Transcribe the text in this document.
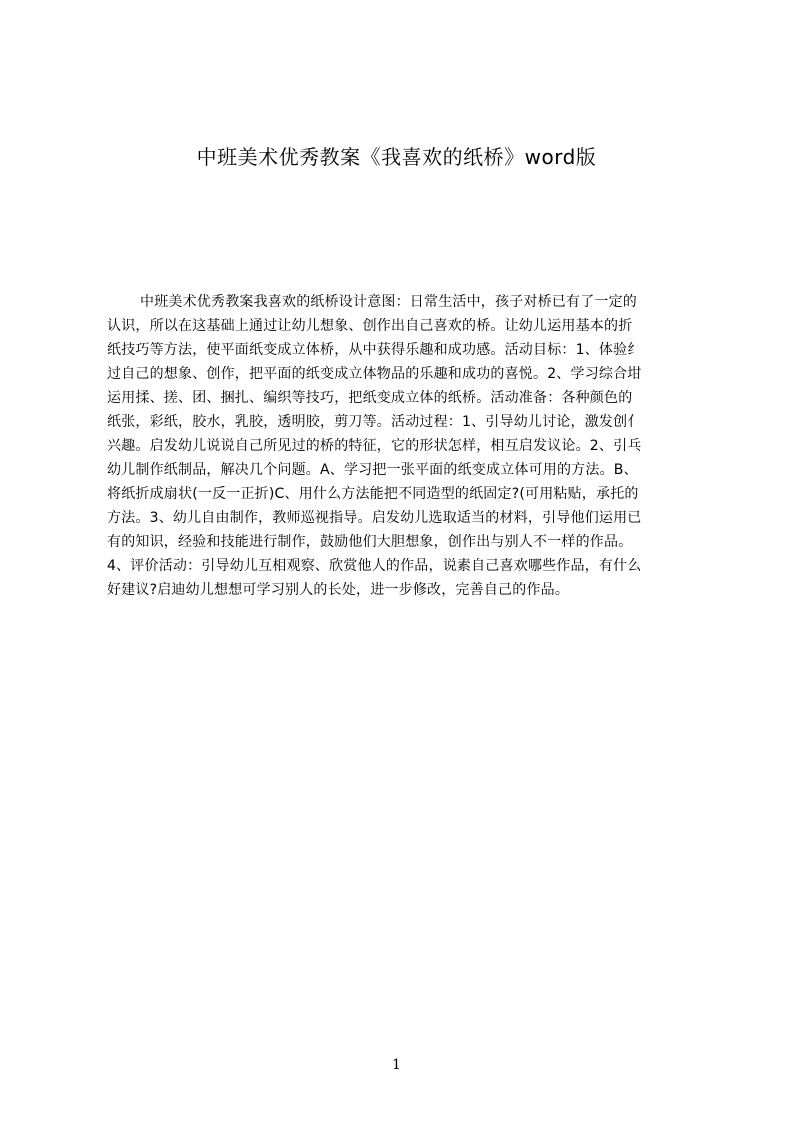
中班美术优秀教案《我喜欢的纸桥》word版
中班美术优秀教案我喜欢的纸桥设计意图：日常生活中，孩子对桥已有了一定的
认识，所以在这基础上通过让幼儿想象、创作出自己喜欢的桥。让幼儿运用基本的折
纸技巧等方法，使平面纸变成立体桥，从中获得乐趣和成功感。活动目标：1、体验纟
过自己的想象、创作，把平面的纸变成立体物品的乐趣和成功的喜悦。2、学习综合坩
运用揉、搓、团、捆扎、编织等技巧，把纸变成立体的纸桥。活动准备：各种颜色的
纸张，彩纸，胶水，乳胶，透明胶，剪刀等。活动过程：1、引导幼儿讨论，激发创亻
兴趣。启发幼儿说说自己所见过的桥的特征，它的形状怎样，相互启发议论。2、引乓
幼儿制作纸制品，解决几个问题。A、学习把一张平面的纸变成立体可用的方法。B、
将纸折成扇状(一反一正折)C、用什么方法能把不同造型的纸固定?(可用粘贴，承托的
方法。3、幼儿自由制作，教师巡视指导。启发幼儿选取适当的材料，引导他们运用已
有的知识，经验和技能进行制作，鼓励他们大胆想象，创作出与别人不一样的作品。
4、评价活动：引导幼儿互相观察、欣赏他人的作品，说素自己喜欢哪些作品，有什么
好建议?启迪幼儿想想可学习别人的长处，进一步修改，完善自己的作品。
1
